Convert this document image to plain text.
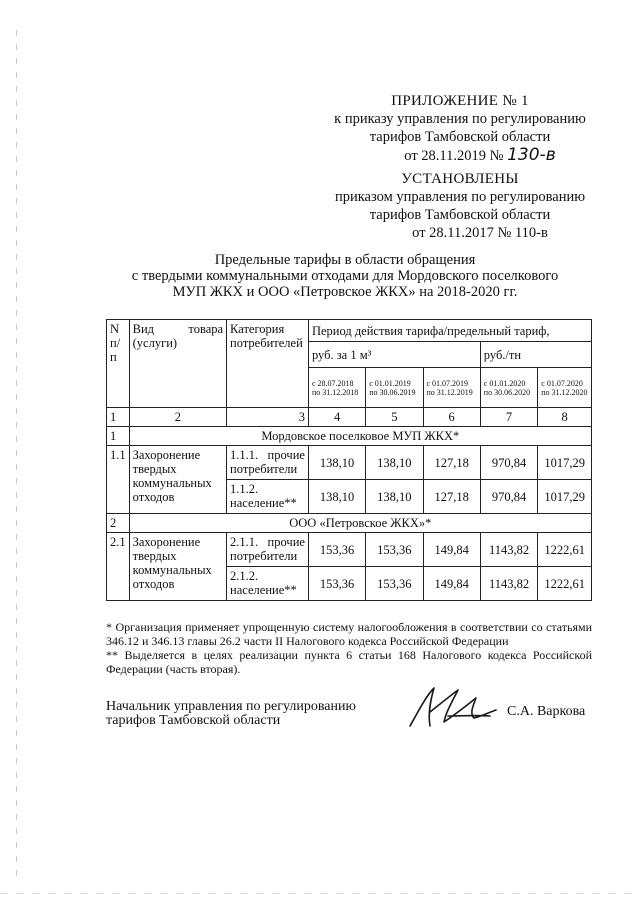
ПРИЛОЖЕНИЕ № 1
к приказу управления по регулированию
тарифов Тамбовской области
от 28.11.2019 № 130-в
УСТАНОВЛЕНЫ
приказом управления по регулированию
тарифов Тамбовской области
от 28.11.2017 № 110-в
Предельные тарифы в области обращения
с твердыми коммунальными отходами для Мордовского поселкового
МУП ЖКХ и ООО «Петровское ЖКХ» на 2018-2020 гг.
N п/п	Вид товара (услуги)	Категория потребителей	Период действия тарифа/предельный тариф,				
			руб. за 1 м³			руб./тн	
			с 28.07.2018 по 31.12.2018	с 01.01.2019 по 30.06.2019	с 01.07.2019 по 31.12.2019	с 01.01.2020 по 30.06.2020	с 01.07.2020 по 31.12.2020
1	2	3	4	5	6	7	8
1	Мордовское поселковое МУП ЖКХ*						
1.1	Захоронение твердых коммунальных отходов	1.1.1. прочие потребители	138,10	138,10	127,18	970,84	1017,29
		1.1.2. население**	138,10	138,10	127,18	970,84	1017,29
2	ООО «Петровское ЖКХ»*						
2.1	Захоронение твердых коммунальных отходов	2.1.1. прочие потребители	153,36	153,36	149,84	1143,82	1222,61
		2.1.2. население**	153,36	153,36	149,84	1143,82	1222,61

* Организация применяет упрощенную систему налогообложения в соответствии со статьями 346.12 и 346.13 главы 26.2 части II Налогового кодекса Российской Федерации

** Выделяется в целях реализации пункта 6 статьи 168 Налогового кодекса Российской Федерации (часть вторая).

Начальник управления по регулированию
тарифов Тамбовской области
С.А. Варкова
